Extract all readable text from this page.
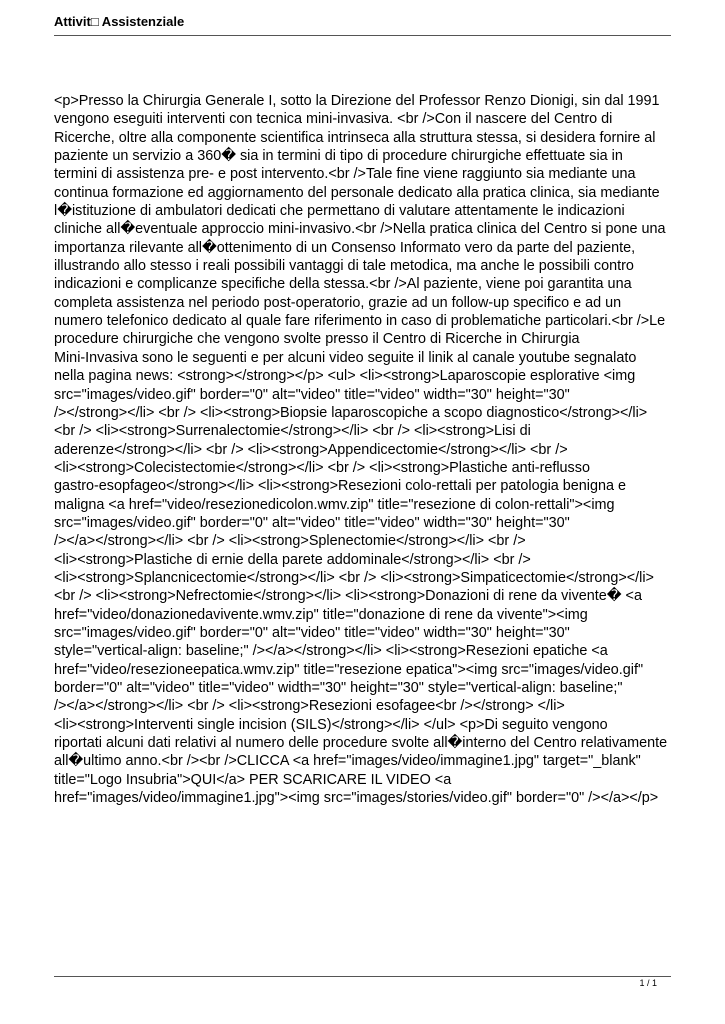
Attivit□ Assistenziale
<p>Presso la Chirurgia Generale I, sotto la Direzione del Professor Renzo Dionigi, sin dal 1991
vengono eseguiti interventi con tecnica mini-invasiva. <br />Con il nascere del Centro di
Ricerche, oltre alla componente scientifica intrinseca alla struttura stessa, si desidera fornire al
paziente un servizio a 360� sia in termini di tipo di procedure chirurgiche effettuate sia in
termini di assistenza pre- e post intervento.<br />Tale fine viene raggiunto sia mediante una
continua formazione ed aggiornamento del personale dedicato alla pratica clinica, sia mediante
l�istituzione di ambulatori dedicati che permettano di valutare attentamente le indicazioni
cliniche all�eventuale approccio mini-invasivo.<br />Nella pratica clinica del Centro si pone una
importanza rilevante all�ottenimento di un Consenso Informato vero da parte del paziente,
illustrando allo stesso i reali possibili vantaggi di tale metodica, ma anche le possibili contro
indicazioni e complicanze specifiche della stessa.<br />Al paziente, viene poi garantita una
completa assistenza nel periodo post-operatorio, grazie ad un follow-up specifico e ad un
numero telefonico dedicato al quale fare riferimento in caso di problematiche particolari.<br />Le
procedure chirurgiche che vengono svolte presso il Centro di Ricerche in Chirurgia
Mini-Invasiva sono le seguenti e per alcuni video seguite il linik al canale youtube segnalato
nella pagina news: <strong></strong></p> <ul> <li><strong>Laparoscopie esplorative <img
src="images/video.gif" border="0" alt="video" title="video" width="30" height="30"
/></strong></li> <br /> <li><strong>Biopsie laparoscopiche a scopo diagnostico</strong></li>
<br /> <li><strong>Surrenalectomie</strong></li> <br /> <li><strong>Lisi di
aderenze</strong></li> <br /> <li><strong>Appendicectomie</strong></li> <br />
<li><strong>Colecistectomie</strong></li> <br /> <li><strong>Plastiche anti-reflusso
gastro-esopfageo</strong></li> <li><strong>Resezioni colo-rettali per patologia benigna e
maligna <a href="video/resezionedicolon.wmv.zip" title="resezione di colon-rettali"><img
src="images/video.gif" border="0" alt="video" title="video" width="30" height="30"
/></a></strong></li> <br /> <li><strong>Splenectomie</strong></li> <br />
<li><strong>Plastiche di ernie della parete addominale</strong></li> <br />
<li><strong>Splancnicectomie</strong></li> <br /> <li><strong>Simpaticectomie</strong></li>
<br /> <li><strong>Nefrectomie</strong></li> <li><strong>Donazioni di rene da vivente� <a
href="video/donazionedavivente.wmv.zip" title="donazione di rene da vivente"><img
src="images/video.gif" border="0" alt="video" title="video" width="30" height="30"
style="vertical-align: baseline;" /></a></strong></li> <li><strong>Resezioni epatiche <a
href="video/resezioneepatica.wmv.zip" title="resezione epatica"><img src="images/video.gif"
border="0" alt="video" title="video" width="30" height="30" style="vertical-align: baseline;"
/></a></strong></li> <br /> <li><strong>Resezioni esofagee<br /></strong> </li>
<li><strong>Interventi single incision (SILS)</strong></li> </ul> <p>Di seguito vengono
riportati alcuni dati relativi al numero delle procedure svolte all�interno del Centro relativamente
all�ultimo anno.<br /><br />CLICCA <a href="images/video/immagine1.jpg" target="_blank"
title="Logo Insubria">QUI</a> PER SCARICARE IL VIDEO <a
href="images/video/immagine1.jpg"><img src="images/stories/video.gif" border="0" /></a></p>
1 / 1
